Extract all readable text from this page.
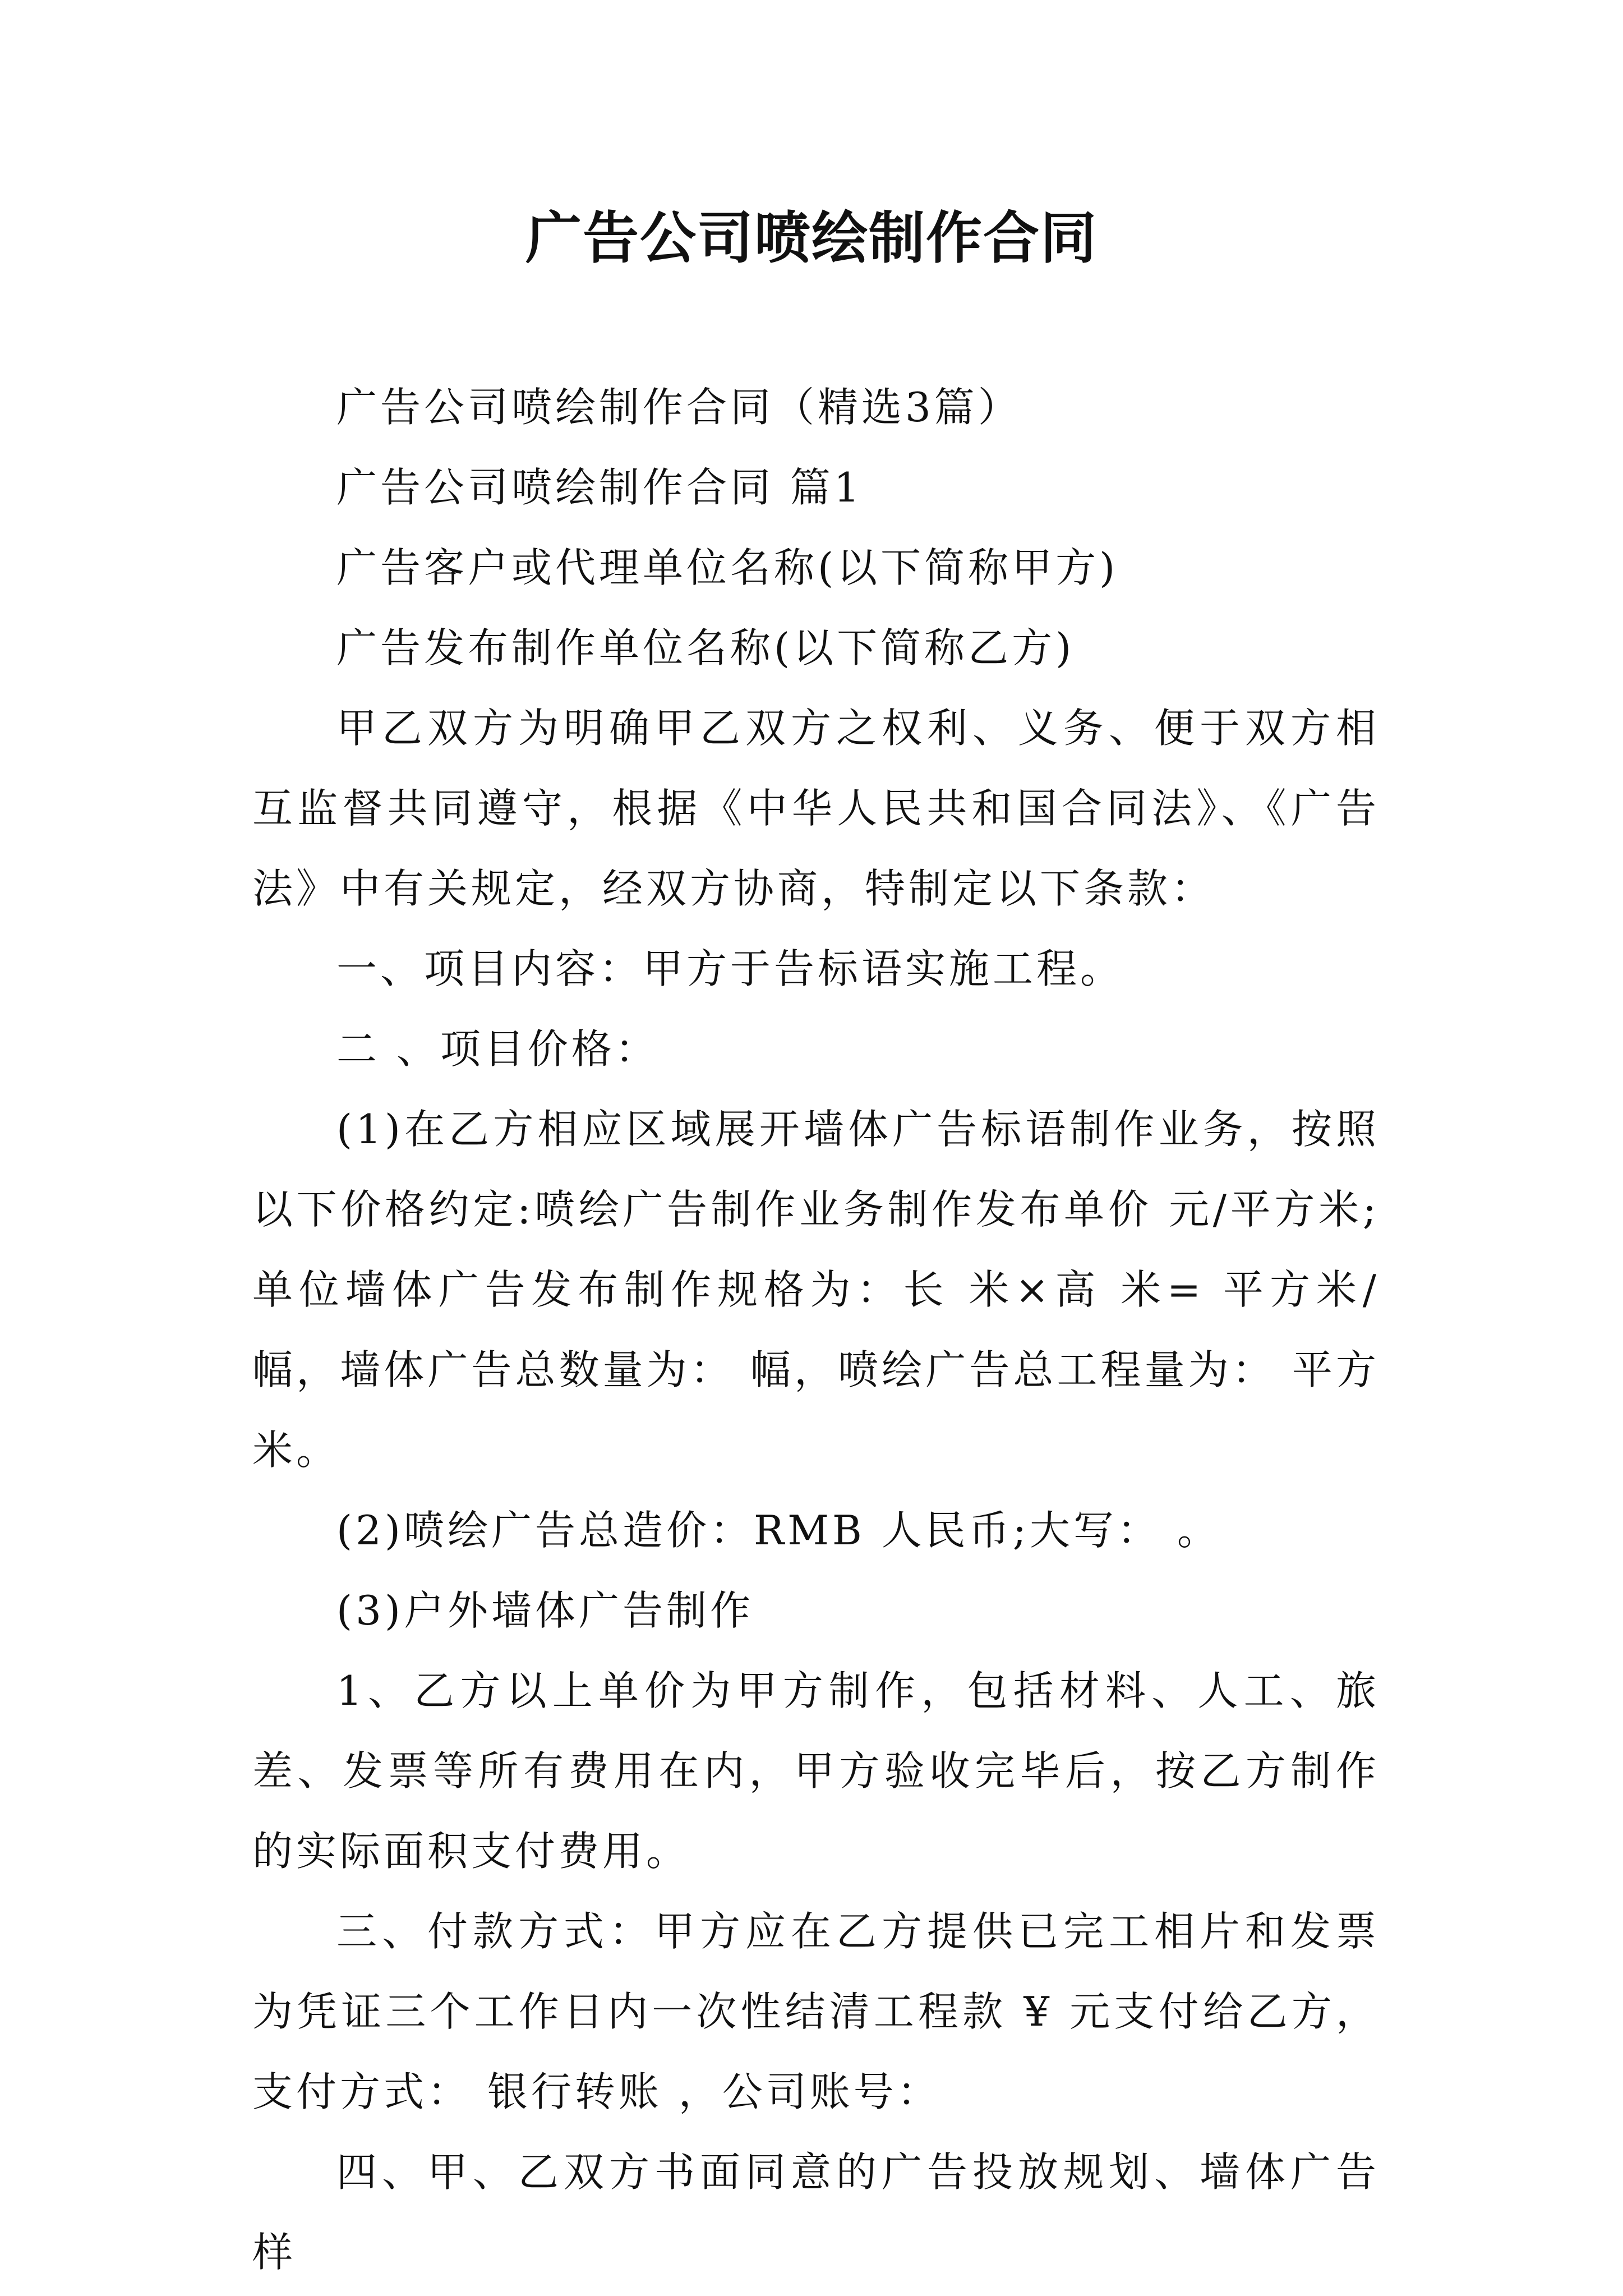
广告公司喷绘制作合同

广告公司喷绘制作合同（精选3篇）

广告公司喷绘制作合同 篇1

广告客户或代理单位名称(以下简称甲方)

广告发布制作单位名称(以下简称乙方)

甲乙双方为明确甲乙双方之权利、义务、便于双方相互监督共同遵守，根据《中华人民共和国合同法》、《广告法》中有关规定，经双方协商，特制定以下条款：

一、项目内容：甲方于告标语实施工程。

二 、项目价格：

(1)在乙方相应区域展开墙体广告标语制作业务，按照以下价格约定:喷绘广告制作业务制作发布单价 元/平方米;单位墙体广告发布制作规格为：长 米×高 米= 平方米/幅，墙体广告总数量为： 幅，喷绘广告总工程量为： 平方米。

(2)喷绘广告总造价：RMB 人民币;大写： 。

(3)户外墙体广告制作

1、乙方以上单价为甲方制作，包括材料、人工、旅差、发票等所有费用在内，甲方验收完毕后，按乙方制作的实际面积支付费用。

三、付款方式：甲方应在乙方提供已完工相片和发票为凭证三个工作日内一次性结清工程款 ¥ 元支付给乙方，支付方式： 银行转账 ，公司账号：

四、甲、乙双方书面同意的广告投放规划、墙体广告样
